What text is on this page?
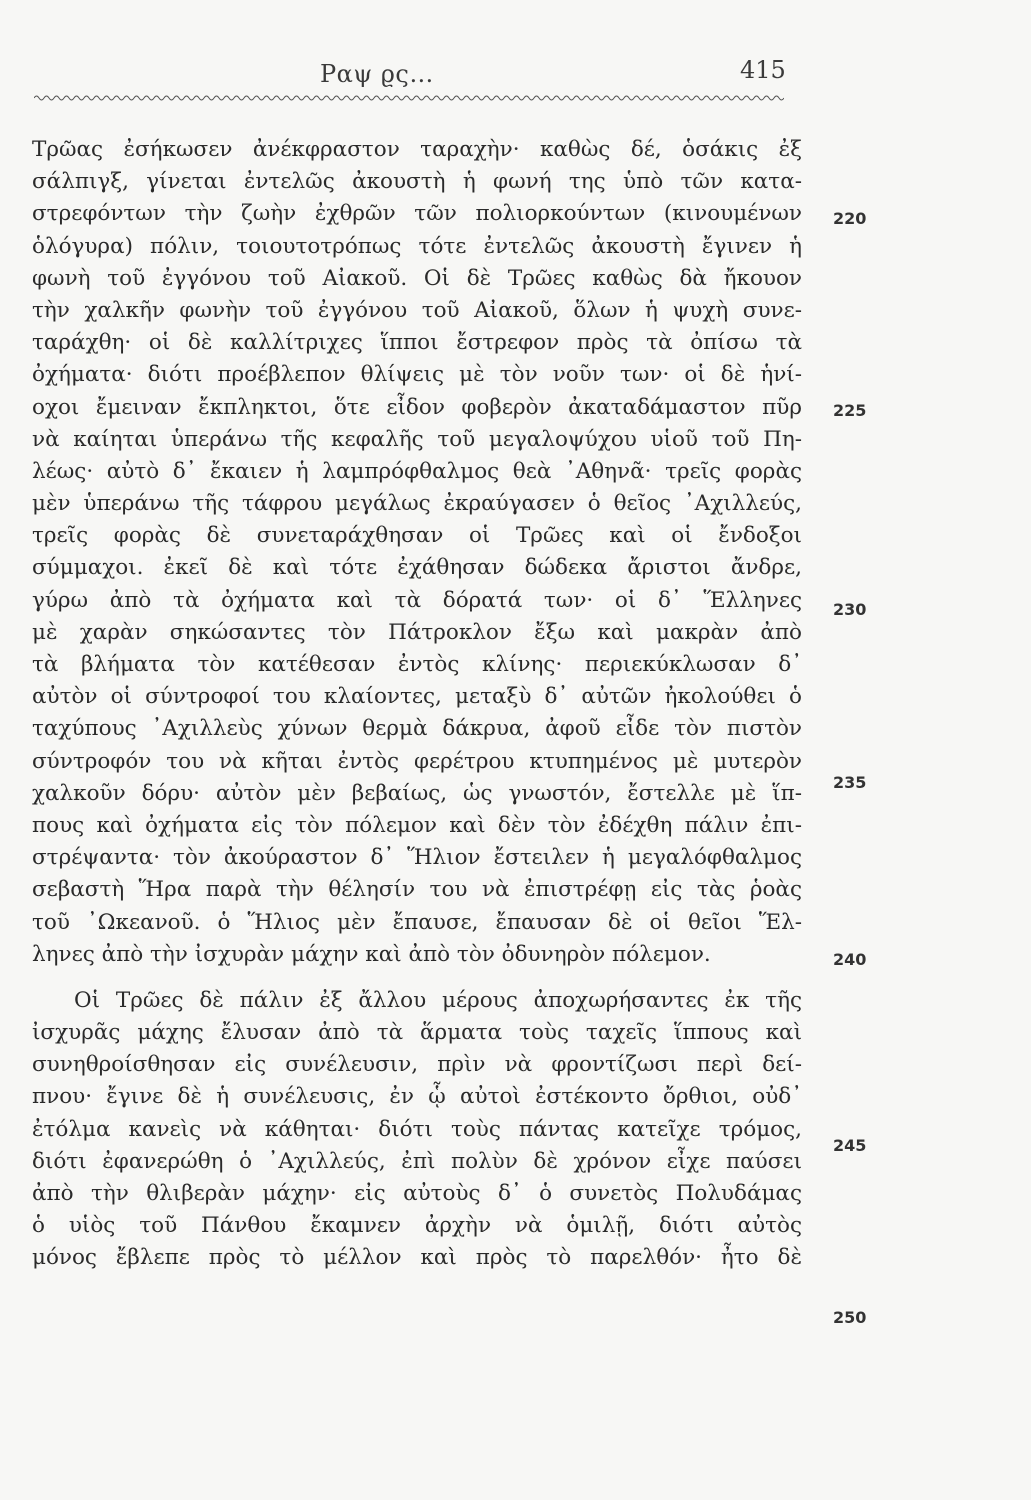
Ραψ ϱς…	415
Τρῶας ἐσήκωσεν ἀνέκφραστον ταραχὴν· καθὼς δέ, ὁσάκις ἐξ
σάλπιγξ, γίνεται ἐντελῶς ἀκουστὴ ἡ φωνή της ὑπὸ τῶν κατα-
στρεφόντων τὴν ζωὴν ἐχθρῶν τῶν πολιορκούντων (κινουμένων
ὁλόγυρα) πόλιν, τοιουτοτρόπως τότε ἐντελῶς ἀκουστὴ ἔγινεν ἡ
φωνὴ τοῦ ἐγγόνου τοῦ Αἰακοῦ. Οἱ δὲ Τρῶες καθὼς δὰ ἤκουον
τὴν χαλκῆν φωνὴν τοῦ ἐγγόνου τοῦ Αἰακοῦ, ὅλων ἡ ψυχὴ συνε-
ταράχθη· οἱ δὲ καλλίτριχες ἵπποι ἔστρεφον πρὸς τὰ ὀπίσω τὰ
ὀχήματα· διότι προέβλεπον θλίψεις μὲ τὸν νοῦν των· οἱ δὲ ἡνί-
οχοι ἔμειναν ἔκπληκτοι, ὅτε εἶδον φοβερὸν ἀκαταδάμαστον πῦρ
νὰ καίηται ὑπεράνω τῆς κεφαλῆς τοῦ μεγαλοψύχου υἱοῦ τοῦ Πη-
λέως· αὐτὸ δ᾽ ἔκαιεν ἡ λαμπρόφθαλμος θεὰ ᾿Αθηνᾶ· τρεῖς φορὰς
μὲν ὑπεράνω τῆς τάφρου μεγάλως ἐκραύγασεν ὁ θεῖος ᾿Αχιλλεύς,
τρεῖς φορὰς δὲ συνεταράχθησαν οἱ Τρῶες καὶ οἱ ἔνδοξοι
σύμμαχοι. ἐκεῖ δὲ καὶ τότε ἐχάθησαν δώδεκα ἄριστοι ἄνδρε,
γύρω ἀπὸ τὰ ὀχήματα καὶ τὰ δόρατά των· οἱ δ᾽ Ἕλληνες
μὲ χαρὰν σηκώσαντες τὸν Πάτροκλον ἔξω καὶ μακρὰν ἀπὸ
τὰ βλήματα τὸν κατέθεσαν ἐντὸς κλίνης· περιεκύκλωσαν δ᾽
αὐτὸν οἱ σύντροφοί του κλαίοντες, μεταξὺ δ᾽ αὐτῶν ἠκολούθει ὁ
ταχύπους ᾿Αχιλλεὺς χύνων θερμὰ δάκρυα, ἀφοῦ εἶδε τὸν πιστὸν
σύντροφόν του νὰ κῆται ἐντὸς φερέτρου κτυπημένος μὲ μυτερὸν
χαλκοῦν δόρυ· αὐτὸν μὲν βεβαίως, ὡς γνωστόν, ἔστελλε μὲ ἵπ-
πους καὶ ὀχήματα εἰς τὸν πόλεμον καὶ δὲν τὸν ἐδέχθη πάλιν ἐπι-
στρέψαντα· τὸν ἀκούραστον δ᾽ Ἥλιον ἔστειλεν ἡ μεγαλόφθαλμος
σεβαστὴ Ἥρα παρὰ τὴν θέλησίν του νὰ ἐπιστρέφῃ εἰς τὰς ῥοὰς
τοῦ ᾿Ωκεανοῦ. ὁ Ἥλιος μὲν ἔπαυσε, ἔπαυσαν δὲ οἱ θεῖοι Ἕλ-
ληνες ἀπὸ τὴν ἰσχυρὰν μάχην καὶ ἀπὸ τὸν ὀδυνηρὸν πόλεμον.
Οἱ Τρῶες δὲ πάλιν ἐξ ἄλλου μέρους ἀποχωρήσαντες ἐκ τῆς
ἰσχυρᾶς μάχης ἔλυσαν ἀπὸ τὰ ἅρματα τοὺς ταχεῖς ἵππους καὶ
συνηθροίσθησαν εἰς συνέλευσιν, πρὶν νὰ φροντίζωσι περὶ δεί-
πνου· ἔγινε δὲ ἡ συνέλευσις, ἐν ᾧ αὐτοὶ ἐστέκοντο ὄρθιοι, οὐδ᾽
ἐτόλμα κανεὶς νὰ κάθηται· διότι τοὺς πάντας κατεῖχε τρόμος,
διότι ἐφανερώθη ὁ ᾿Αχιλλεύς, ἐπὶ πολὺν δὲ χρόνον εἶχε παύσει
ἀπὸ τὴν θλιβερὰν μάχην· εἰς αὐτοὺς δ᾽ ὁ συνετὸς Πολυδάμας
ὁ υἱὸς τοῦ Πάνθου ἔκαμνεν ἀρχὴν νὰ ὁμιλῇ, διότι αὐτὸς
μόνος ἔβλεπε πρὸς τὸ μέλλον καὶ πρὸς τὸ παρελθόν· ἦτο δὲ
220
225
230
235
240
245
250
